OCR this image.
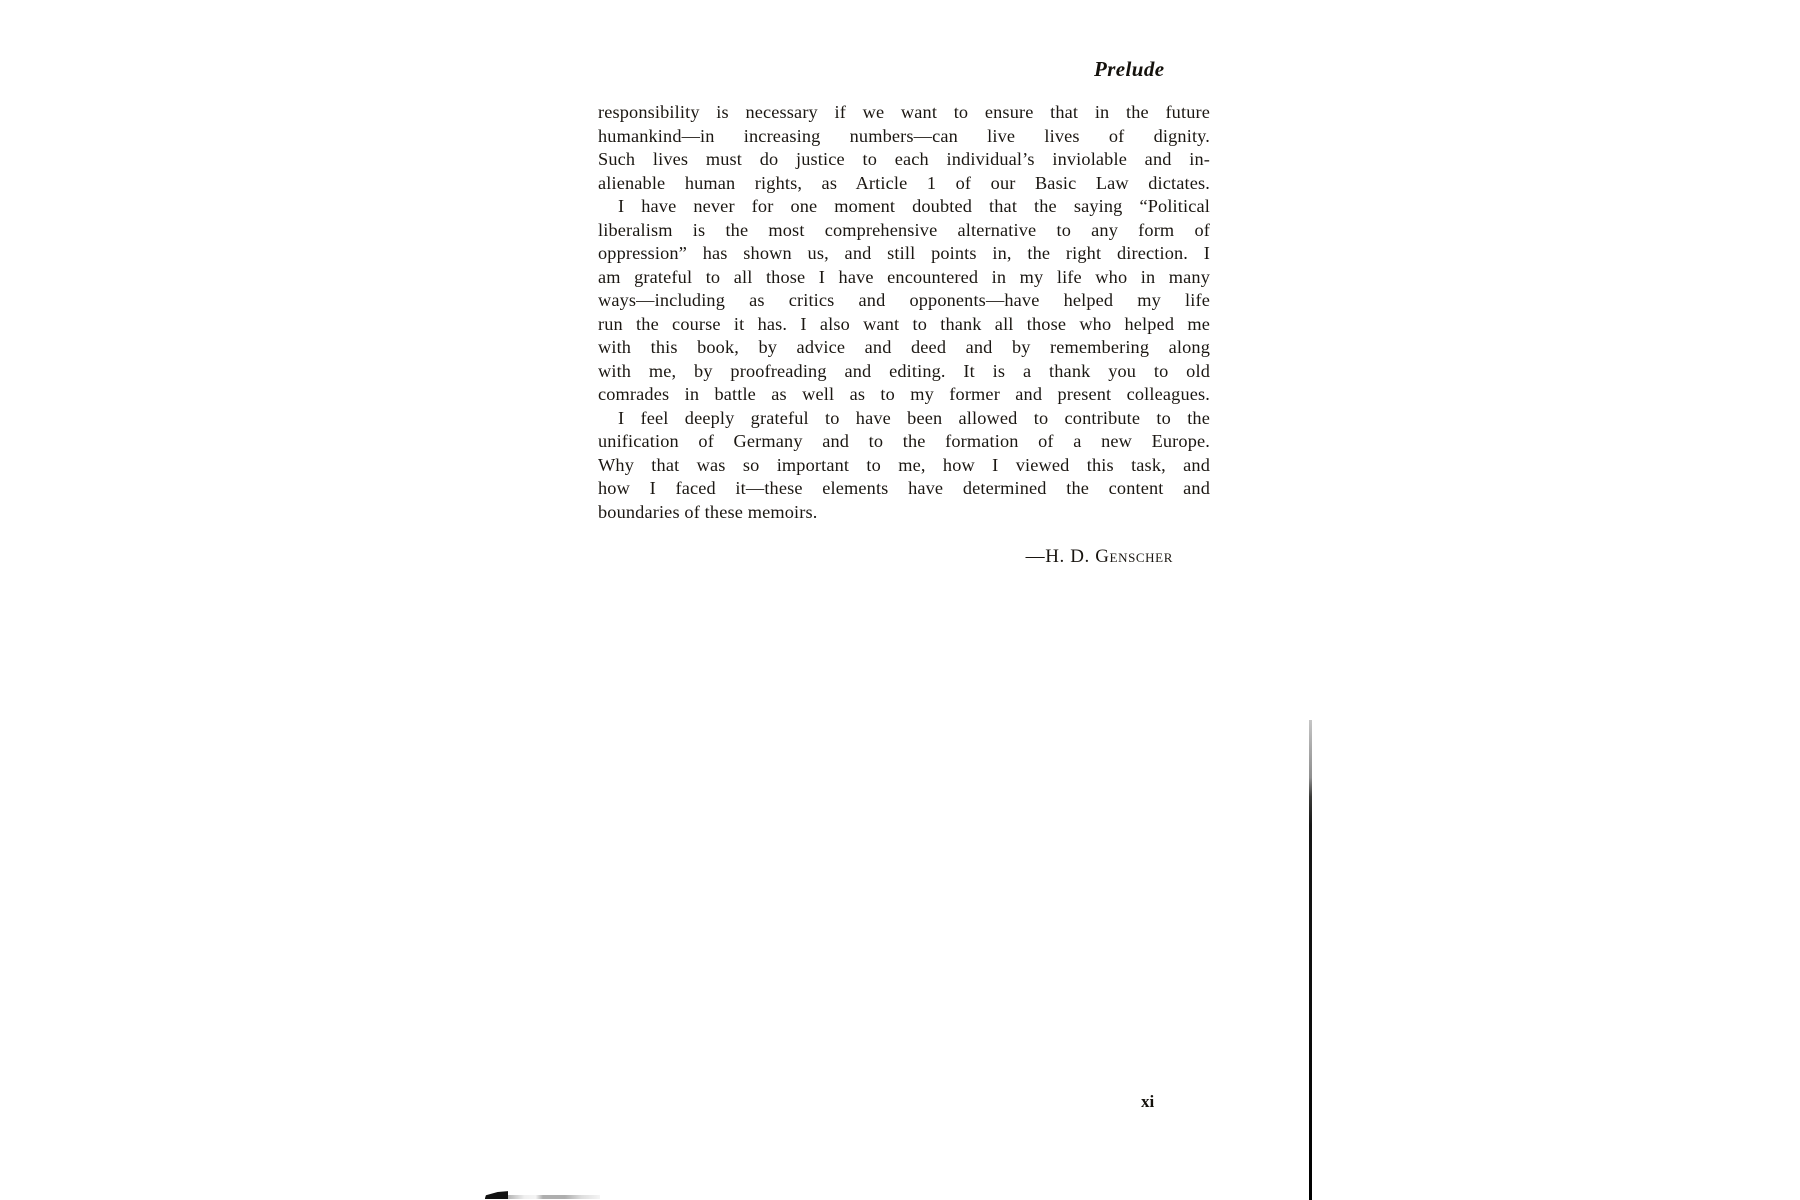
Prelude
responsibility is necessary if we want to ensure that in the future
humankind—in increasing numbers—can live lives of dignity.
Such lives must do justice to each individual’s inviolable and in-
alienable human rights, as Article 1 of our Basic Law dictates.
I have never for one moment doubted that the saying “Political
liberalism is the most comprehensive alternative to any form of
oppression” has shown us, and still points in, the right direction. I
am grateful to all those I have encountered in my life who in many
ways—including as critics and opponents—have helped my life
run the course it has. I also want to thank all those who helped me
with this book, by advice and deed and by remembering along
with me, by proofreading and editing. It is a thank you to old
comrades in battle as well as to my former and present colleagues.
I feel deeply grateful to have been allowed to contribute to the
unification of Germany and to the formation of a new Europe.
Why that was so important to me, how I viewed this task, and
how I faced it—these elements have determined the content and
boundaries of these memoirs.
—H. D. Genscher
xi
